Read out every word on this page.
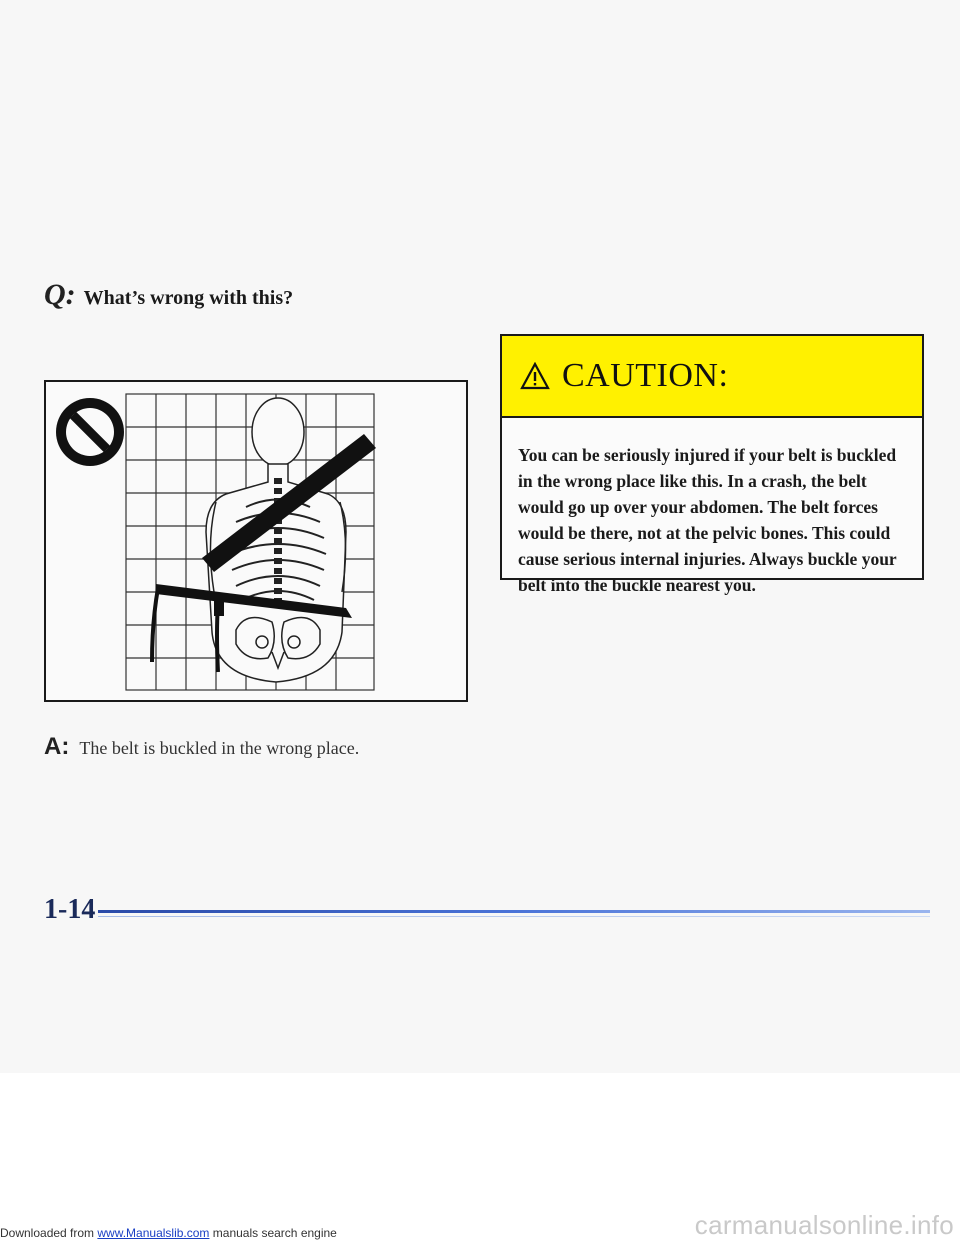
Q: What’s wrong with this?
A: The belt is buckled in the wrong place.
CAUTION:
You can be seriously injured if your belt is buckled in the wrong place like this. In a crash, the belt would go up over your abdomen. The belt forces would be there, not at the pelvic bones. This could cause serious internal injuries. Always buckle your belt into the buckle nearest you.
1-14
Downloaded from www.Manualslib.com manuals search engine	carmanualsonline.info
